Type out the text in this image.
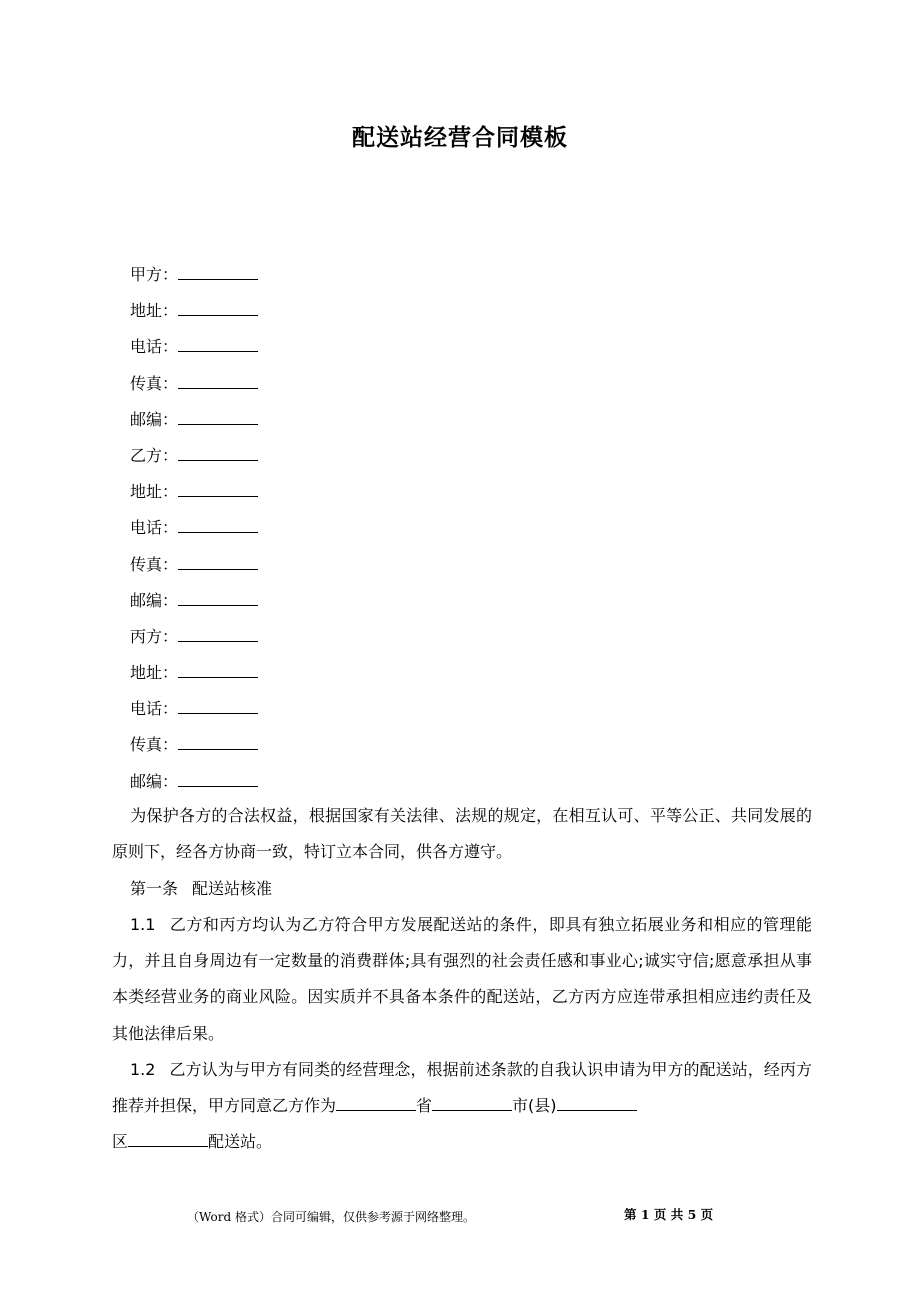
配送站经营合同模板
甲方：
地址：
电话：
传真：
邮编：
乙方：
地址：
电话：
传真：
邮编：
丙方：
地址：
电话：
传真：
邮编：
为保护各方的合法权益，根据国家有关法律、法规的规定，在相互认可、平等公正、共同发展的原则下，经各方协商一致，特订立本合同，供各方遵守。
第一条 配送站核准
1.1 乙方和丙方均认为乙方符合甲方发展配送站的条件，即具有独立拓展业务和相应的管理能力，并且自身周边有一定数量的消费群体;具有强烈的社会责任感和事业心;诚实守信;愿意承担从事本类经营业务的商业风险。因实质并不具备本条件的配送站，乙方丙方应连带承担相应违约责任及其他法律后果。
1.2 乙方认为与甲方有同类的经营理念，根据前述条款的自我认识申请为甲方的配送站，经丙方推荐并担保，甲方同意乙方作为	省	市(县)
区	配送站。
（Word 格式）合同可编辑，仅供参考源于网络整理。	第 1 页 共 5 页
